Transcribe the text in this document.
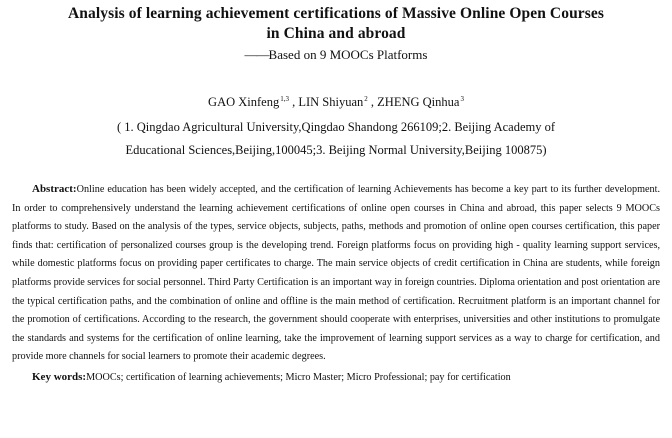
Analysis of learning achievement certifications of Massive Online Open Courses
in China and abroad
——Based on 9 MOOCs Platforms
GAO Xinfeng$^{1,3}$ , LIN Shiyuan$^2$ , ZHENG Qinhua$^3$
( 1. Qingdao Agricultural University,Qingdao Shandong 266109;2. Beijing Academy of
Educational Sciences,Beijing,100045;3. Beijing Normal University,Beijing 100875)
Abstract:Online education has been widely accepted, and the certification of learning Achievements has become a key part to its further development. In order to comprehensively understand the learning achievement certifications of online open courses in China and abroad, this paper selects 9 MOOCs platforms to study. Based on the analysis of the types, service objects, subjects, paths, methods and promotion of online open courses certification, this paper finds that: certification of personalized courses group is the developing trend. Foreign platforms focus on providing high - quality learning support services, while domestic platforms focus on providing paper certificates to charge. The main service objects of credit certification in China are students, while foreign platforms provide services for social personnel. Third Party Certification is an important way in foreign countries. Diploma orientation and post orientation are the typical certification paths, and the combination of online and offline is the main method of certification. Recruitment platform is an important channel for the promotion of certifications. According to the research, the government should cooperate with enterprises, universities and other institutions to promulgate the standards and systems for the certification of online learning, take the improvement of learning support services as a way to charge for certification, and provide more channels for social learners to promote their academic degrees.
Key words:MOOCs; certification of learning achievements; Micro Master; Micro Professional; pay for certification
